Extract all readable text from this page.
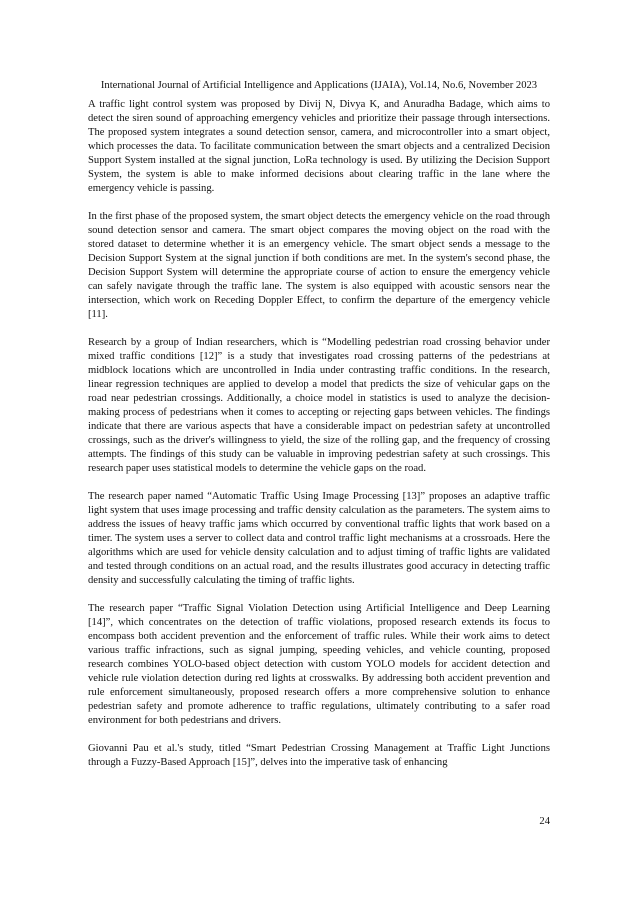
International Journal of Artificial Intelligence and Applications (IJAIA), Vol.14, No.6, November 2023

A traffic light control system was proposed by Divij N, Divya K, and Anuradha Badage, which aims to detect the siren sound of approaching emergency vehicles and prioritize their passage through intersections. The proposed system integrates a sound detection sensor, camera, and microcontroller into a smart object, which processes the data. To facilitate communication between the smart objects and a centralized Decision Support System installed at the signal junction, LoRa technology is used. By utilizing the Decision Support System, the system is able to make informed decisions about clearing traffic in the lane where the emergency vehicle is passing.

In the first phase of the proposed system, the smart object detects the emergency vehicle on the road through sound detection sensor and camera. The smart object compares the moving object on the road with the stored dataset to determine whether it is an emergency vehicle. The smart object sends a message to the Decision Support System at the signal junction if both conditions are met. In the system's second phase, the Decision Support System will determine the appropriate course of action to ensure the emergency vehicle can safely navigate through the traffic lane. The system is also equipped with acoustic sensors near the intersection, which work on Receding Doppler Effect, to confirm the departure of the emergency vehicle [11].

Research by a group of Indian researchers, which is “Modelling pedestrian road crossing behavior under mixed traffic conditions [12]” is a study that investigates road crossing patterns of the pedestrians at midblock locations which are uncontrolled in India under contrasting traffic conditions. In the research, linear regression techniques are applied to develop a model that predicts the size of vehicular gaps on the road near pedestrian crossings. Additionally, a choice model in statistics is used to analyze the decision-making process of pedestrians when it comes to accepting or rejecting gaps between vehicles. The findings indicate that there are various aspects that have a considerable impact on pedestrian safety at uncontrolled crossings, such as the driver's willingness to yield, the size of the rolling gap, and the frequency of crossing attempts. The findings of this study can be valuable in improving pedestrian safety at such crossings. This research paper uses statistical models to determine the vehicle gaps on the road.

The research paper named “Automatic Traffic Using Image Processing [13]” proposes an adaptive traffic light system that uses image processing and traffic density calculation as the parameters. The system aims to address the issues of heavy traffic jams which occurred by conventional traffic lights that work based on a timer. The system uses a server to collect data and control traffic light mechanisms at a crossroads. Here the algorithms which are used for vehicle density calculation and to adjust timing of traffic lights are validated and tested through conditions on an actual road, and the results illustrates good accuracy in detecting traffic density and successfully calculating the timing of traffic lights.

The research paper “Traffic Signal Violation Detection using Artificial Intelligence and Deep Learning [14]”, which concentrates on the detection of traffic violations, proposed research extends its focus to encompass both accident prevention and the enforcement of traffic rules. While their work aims to detect various traffic infractions, such as signal jumping, speeding vehicles, and vehicle counting, proposed research combines YOLO-based object detection with custom YOLO models for accident detection and vehicle rule violation detection during red lights at crosswalks. By addressing both accident prevention and rule enforcement simultaneously, proposed research offers a more comprehensive solution to enhance pedestrian safety and promote adherence to traffic regulations, ultimately contributing to a safer road environment for both pedestrians and drivers.

Giovanni Pau et al.'s study, titled “Smart Pedestrian Crossing Management at Traffic Light Junctions through a Fuzzy-Based Approach [15]”, delves into the imperative task of enhancing

24
